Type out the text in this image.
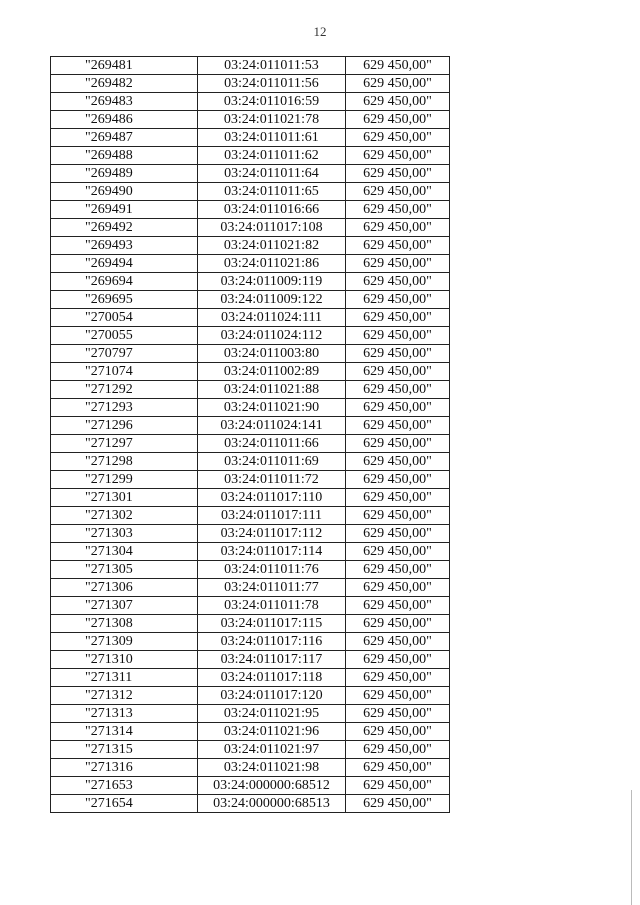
12
"269481	03:24:011011:53	629 450,00"
"269482	03:24:011011:56	629 450,00"
"269483	03:24:011016:59	629 450,00"
"269486	03:24:011021:78	629 450,00"
"269487	03:24:011011:61	629 450,00"
"269488	03:24:011011:62	629 450,00"
"269489	03:24:011011:64	629 450,00"
"269490	03:24:011011:65	629 450,00"
"269491	03:24:011016:66	629 450,00"
"269492	03:24:011017:108	629 450,00"
"269493	03:24:011021:82	629 450,00"
"269494	03:24:011021:86	629 450,00"
"269694	03:24:011009:119	629 450,00"
"269695	03:24:011009:122	629 450,00"
"270054	03:24:011024:111	629 450,00"
"270055	03:24:011024:112	629 450,00"
"270797	03:24:011003:80	629 450,00"
"271074	03:24:011002:89	629 450,00"
"271292	03:24:011021:88	629 450,00"
"271293	03:24:011021:90	629 450,00"
"271296	03:24:011024:141	629 450,00"
"271297	03:24:011011:66	629 450,00"
"271298	03:24:011011:69	629 450,00"
"271299	03:24:011011:72	629 450,00"
"271301	03:24:011017:110	629 450,00"
"271302	03:24:011017:111	629 450,00"
"271303	03:24:011017:112	629 450,00"
"271304	03:24:011017:114	629 450,00"
"271305	03:24:011011:76	629 450,00"
"271306	03:24:011011:77	629 450,00"
"271307	03:24:011011:78	629 450,00"
"271308	03:24:011017:115	629 450,00"
"271309	03:24:011017:116	629 450,00"
"271310	03:24:011017:117	629 450,00"
"271311	03:24:011017:118	629 450,00"
"271312	03:24:011017:120	629 450,00"
"271313	03:24:011021:95	629 450,00"
"271314	03:24:011021:96	629 450,00"
"271315	03:24:011021:97	629 450,00"
"271316	03:24:011021:98	629 450,00"
"271653	03:24:000000:68512	629 450,00"
"271654	03:24:000000:68513	629 450,00"
